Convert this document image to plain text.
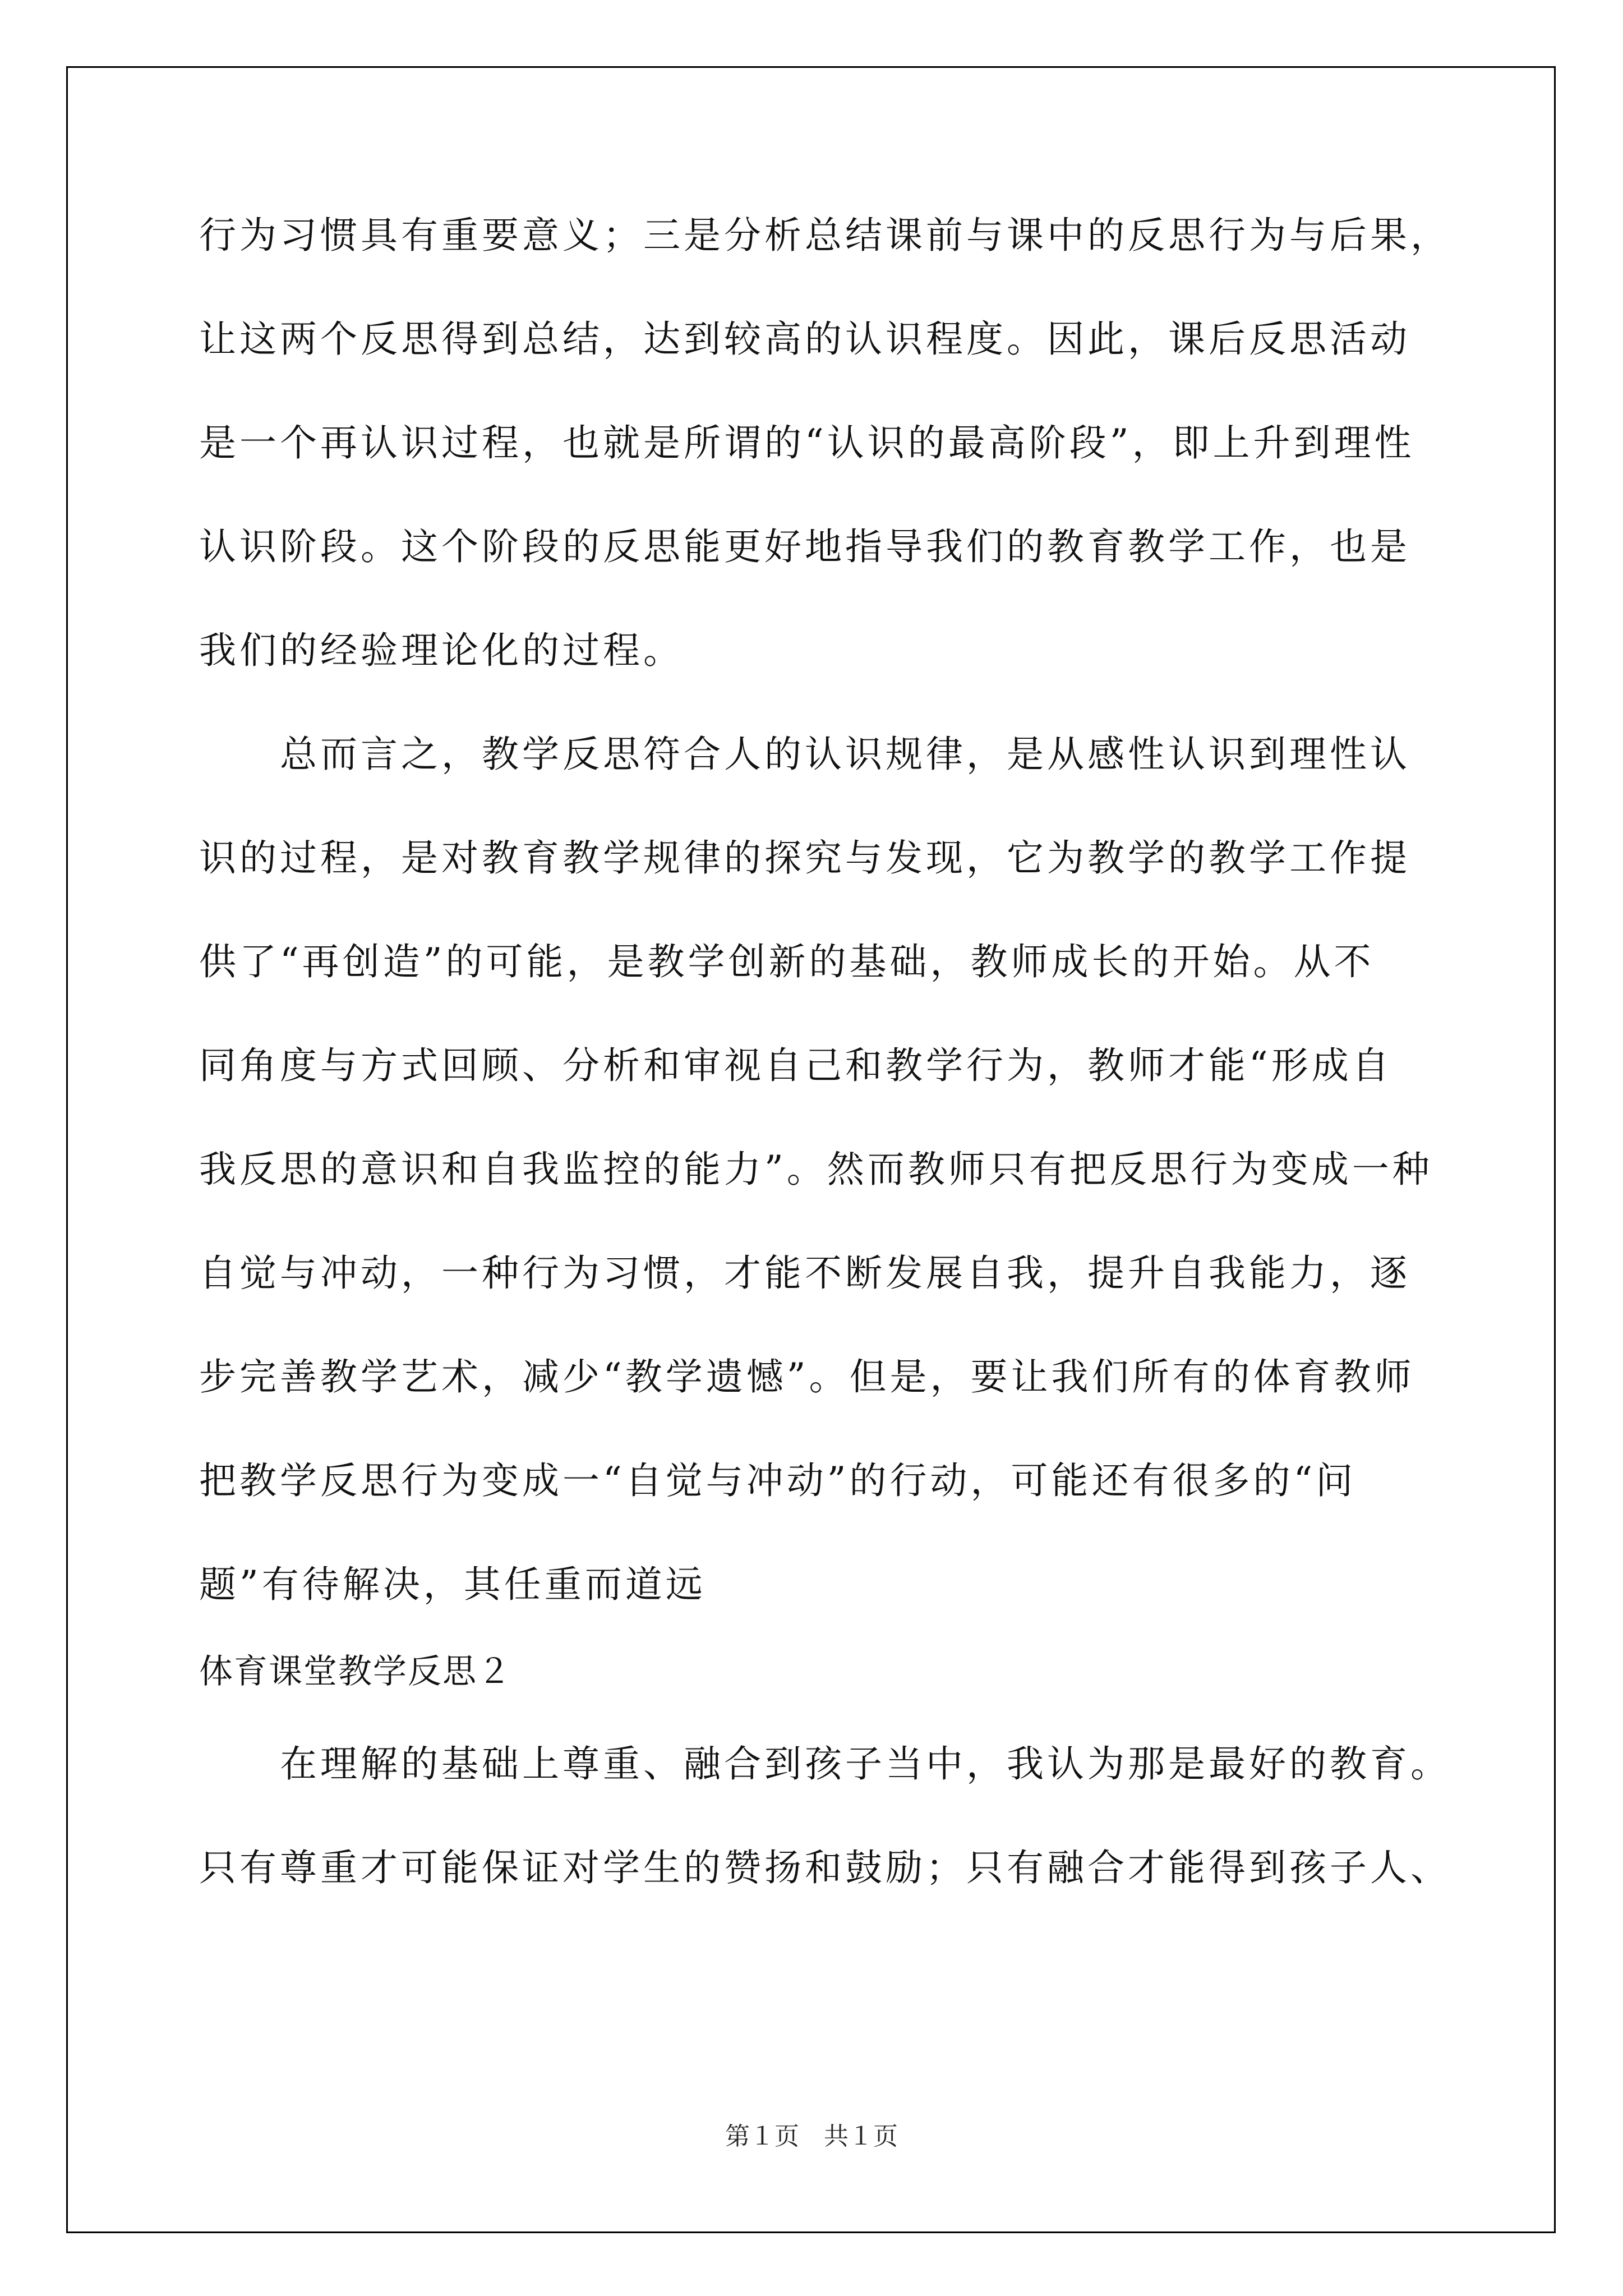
行为习惯具有重要意义；三是分析总结课前与课中的反思行为与后果，
让这两个反思得到总结，达到较高的认识程度。因此，课后反思活动
是一个再认识过程，也就是所谓的“认识的最高阶段”，即上升到理性
认识阶段。这个阶段的反思能更好地指导我们的教育教学工作，也是
我们的经验理论化的过程。
　　总而言之，教学反思符合人的认识规律，是从感性认识到理性认
识的过程，是对教育教学规律的探究与发现，它为教学的教学工作提
供了“再创造”的可能，是教学创新的基础，教师成长的开始。从不
同角度与方式回顾、分析和审视自己和教学行为，教师才能“形成自
我反思的意识和自我监控的能力”。然而教师只有把反思行为变成一种
自觉与冲动，一种行为习惯，才能不断发展自我，提升自我能力，逐
步完善教学艺术，减少“教学遗憾”。但是，要让我们所有的体育教师
把教学反思行为变成一“自觉与冲动”的行动，可能还有很多的“问
题”有待解决，其任重而道远
体育课堂教学反思２
　　在理解的基础上尊重、融合到孩子当中，我认为那是最好的教育。
只有尊重才可能保证对学生的赞扬和鼓励；只有融合才能得到孩子人、
第１页　共１页
